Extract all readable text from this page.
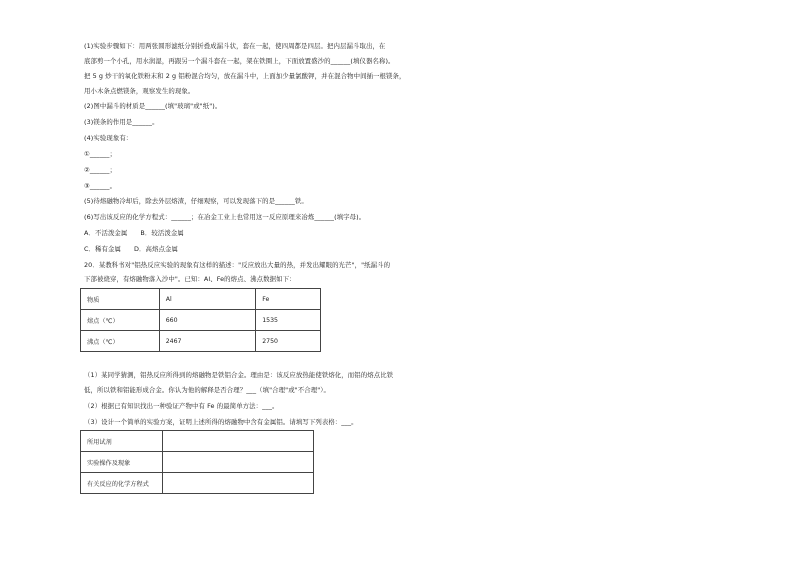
(1)实验步骤如下：用两张圆形滤纸分别折叠成漏斗状，套在一起，使四周都是四层。把内层漏斗取出，在
底部剪一个小孔，用水润湿，再跟另一个漏斗套在一起，架在铁圈上，下面放置盛沙的______(填仪器名称)。
把 5 g 炒干的氧化铁粉末和 2 g 铝粉混合均匀，放在漏斗中，上面加少量氯酸钾，并在混合物中间插一根镁条，
用小木条点燃镁条，观察发生的现象。
(2)图中漏斗的材质是______(填"玻璃"或"纸")。
(3)镁条的作用是______。
(4)实验现象有：
①______；
②______；
③______。
(5)待熔融物冷却后，除去外层熔渣，仔细观察，可以发现落下的是______铁。
(6)写出该反应的化学方程式：______；在冶金工业上也常用这一反应原理来冶炼______(填字母)。
A．不活泼金属　　B．较活泼金属
C．稀有金属　　D．高熔点金属
20．某教科书对"铝热反应实验的现象有这样的描述："反应放出大量的热，并发出耀眼的光芒"，"纸漏斗的
下部被烧穿，有熔融物落入沙中"。已知：Al、Fe的熔点、沸点数据如下：
物质	Al	Fe
熔点（℃）	660	1535
沸点（℃）	2467	2750
（1）某同学猜测，铝热反应所得到的熔融物是铁铝合金。理由是：该反应放热能使铁熔化，而铝的熔点比铁
低，所以铁和铝能形成合金。你认为他的解释是否合理？___（填"合理"或"不合理"）。
（2）根据已有知识找出一种验证产物中有 Fe 的最简单方法：___。
（3）设计一个简单的实验方案，证明上述所得的熔融物中含有金属铝。请填写下列表格：___。
所用试剂	
实验操作及现象	
有关反应的化学方程式	
